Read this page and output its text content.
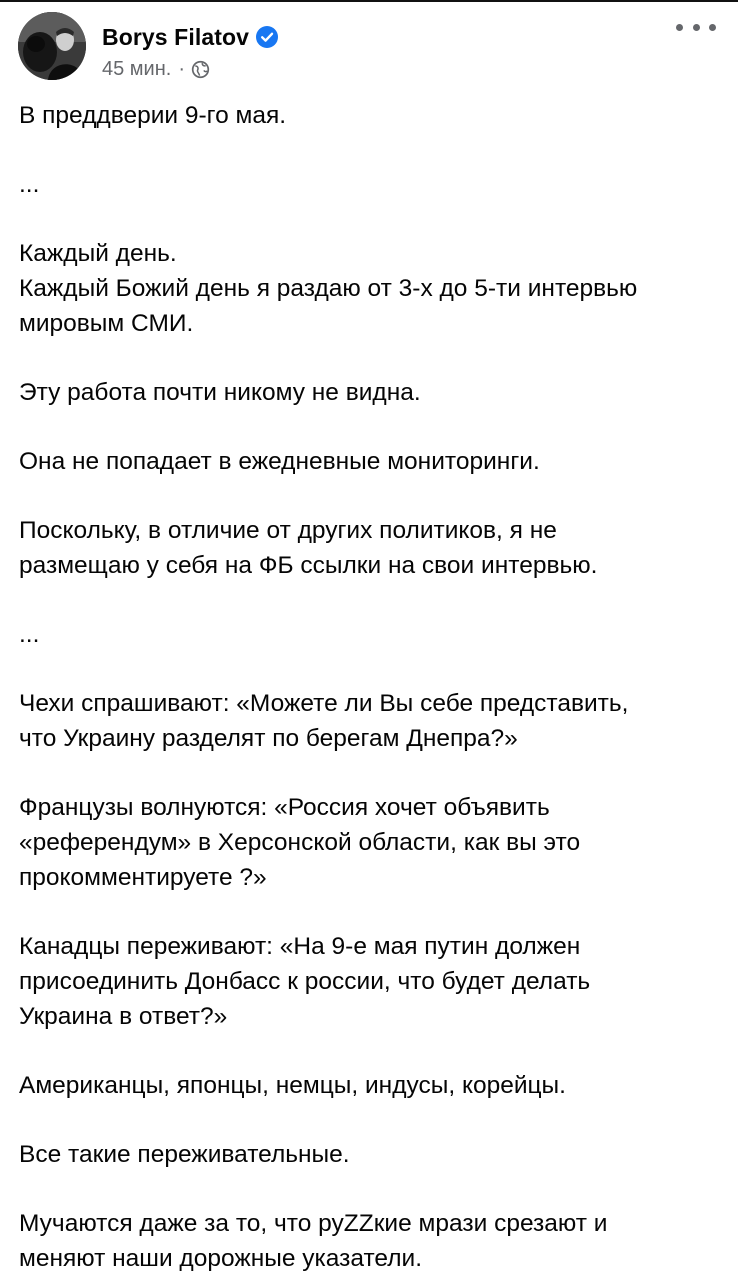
Borys Filatov
45 мин. ·

В преддверии 9-го мая.

...

Каждый день.
Каждый Божий день я раздаю от 3-х до 5-ти интервью
мировым СМИ.

Эту работа почти никому не видна.

Она не попадает в ежедневные мониторинги.

Поскольку, в отличие от других политиков, я не
размещаю у себя на ФБ ссылки на свои интервью.

...

Чехи спрашивают: «Можете ли Вы себе представить,
что Украину разделят по берегам Днепра?»

Французы волнуются: «Россия хочет объявить
«референдум» в Херсонской области, как вы это
прокомментируете ?»

Канадцы переживают: «На 9-е мая путин должен
присоединить Донбасс к россии, что будет делать
Украина в ответ?»

Американцы, японцы, немцы, индусы, корейцы.

Все такие переживательные.

Мучаются даже за то, что руZZкие мрази срезают и
меняют наши дорожные указатели.
